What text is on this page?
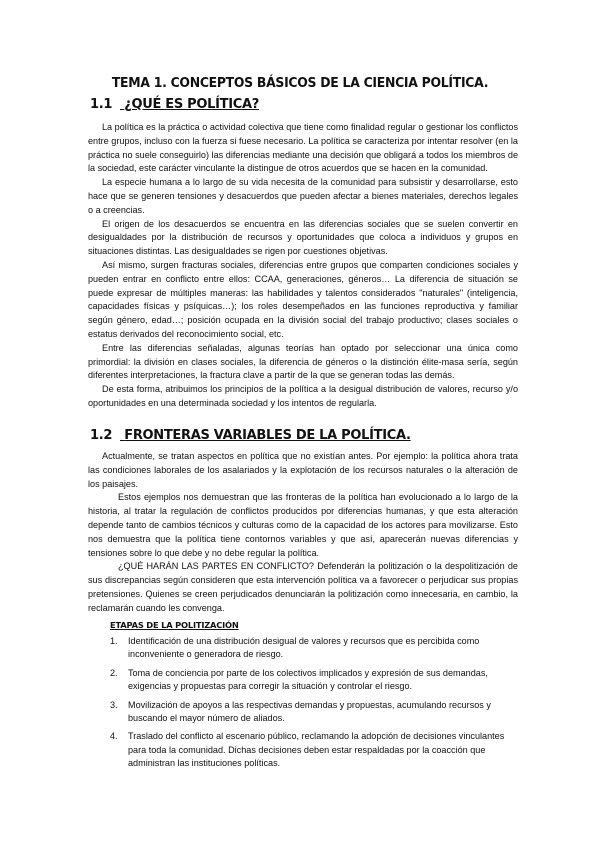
TEMA 1. CONCEPTOS BÁSICOS DE LA CIENCIA POLÍTICA.
1.1 ¿QUÉ ES POLÍTICA?

La política es la práctica o actividad colectiva que tiene como finalidad regular o gestionar los conflictos entre grupos, incluso con la fuerza si fuese necesario. La política se caracteriza por intentar resolver (en la práctica no suele conseguirlo) las diferencias mediante una decisión que obligará a todos los miembros de la sociedad, este carácter vinculante la distingue de otros acuerdos que se hacen en la comunidad.

La especie humana a lo largo de su vida necesita de la comunidad para subsistir y desarrollarse, esto hace que se generen tensiones y desacuerdos que pueden afectar a bienes materiales, derechos legales o a creencias.

El origen de los desacuerdos se encuentra en las diferencias sociales que se suelen convertir en desigualdades por la distribución de recursos y oportunidades que coloca a individuos y grupos en situaciones distintas. Las desigualdades se rigen por cuestiones objetivas.

Así mismo, surgen fracturas sociales, diferencias entre grupos que comparten condiciones sociales y pueden entrar en conflicto entre ellos: CCAA, generaciones, géneros… La diferencia de situación se puede expresar de múltiples maneras: las habilidades y talentos considerados "naturales" (inteligencia, capacidades físicas y psíquicas…); los roles desempeñados en las funciones reproductiva y familiar según género, edad…; posición ocupada en la división social del trabajo productivo; clases sociales o estatus derivados del reconocimiento social, etc.

Entre las diferencias señaladas, algunas teorías han optado por seleccionar una única como primordial: la división en clases sociales, la diferencia de géneros o la distinción élite-masa sería, según diferentes interpretaciones, la fractura clave a partir de la que se generan todas las demás.

De esta forma, atribuimos los principios de la política a la desigual distribución de valores, recurso y/o oportunidades en una determinada sociedad y los intentos de regularla.

1.2 FRONTERAS VARIABLES DE LA POLÍTICA.

Actualmente, se tratan aspectos en política que no existían antes. Por ejemplo: la política ahora trata las condiciones laborales de los asalariados y la explotación de los recursos naturales o la alteración de los paisajes.

Estos ejemplos nos demuestran que las fronteras de la política han evolucionado a lo largo de la historia, al tratar la regulación de conflictos producidos por diferencias humanas, y que esta alteración depende tanto de cambios técnicos y culturas como de la capacidad de los actores para movilizarse. Esto nos demuestra que la política tiene contornos variables y que así, aparecerán nuevas diferencias y tensiones sobre lo que debe y no debe regular la política.

¿QUÉ HARÁN LAS PARTES EN CONFLICTO? Defenderán la politización o la despolitización de sus discrepancias según consideren que esta intervención política va a favorecer o perjudicar sus propias pretensiones. Quienes se creen perjudicados denunciarán la politización como innecesaria, en cambio, la reclamarán cuando les convenga.

ETAPAS DE LA POLITIZACIÓN
1. Identificación de una distribución desigual de valores y recursos que es percibida como inconveniente o generadora de riesgo.
2. Toma de conciencia por parte de los colectivos implicados y expresión de sus demandas, exigencias y propuestas para corregir la situación y controlar el riesgo.
3. Movilización de apoyos a las respectivas demandas y propuestas, acumulando recursos y buscando el mayor número de aliados.
4. Traslado del conflicto al escenario público, reclamando la adopción de decisiones vinculantes para toda la comunidad. Dichas decisiones deben estar respaldadas por la coacción que administran las instituciones políticas.
